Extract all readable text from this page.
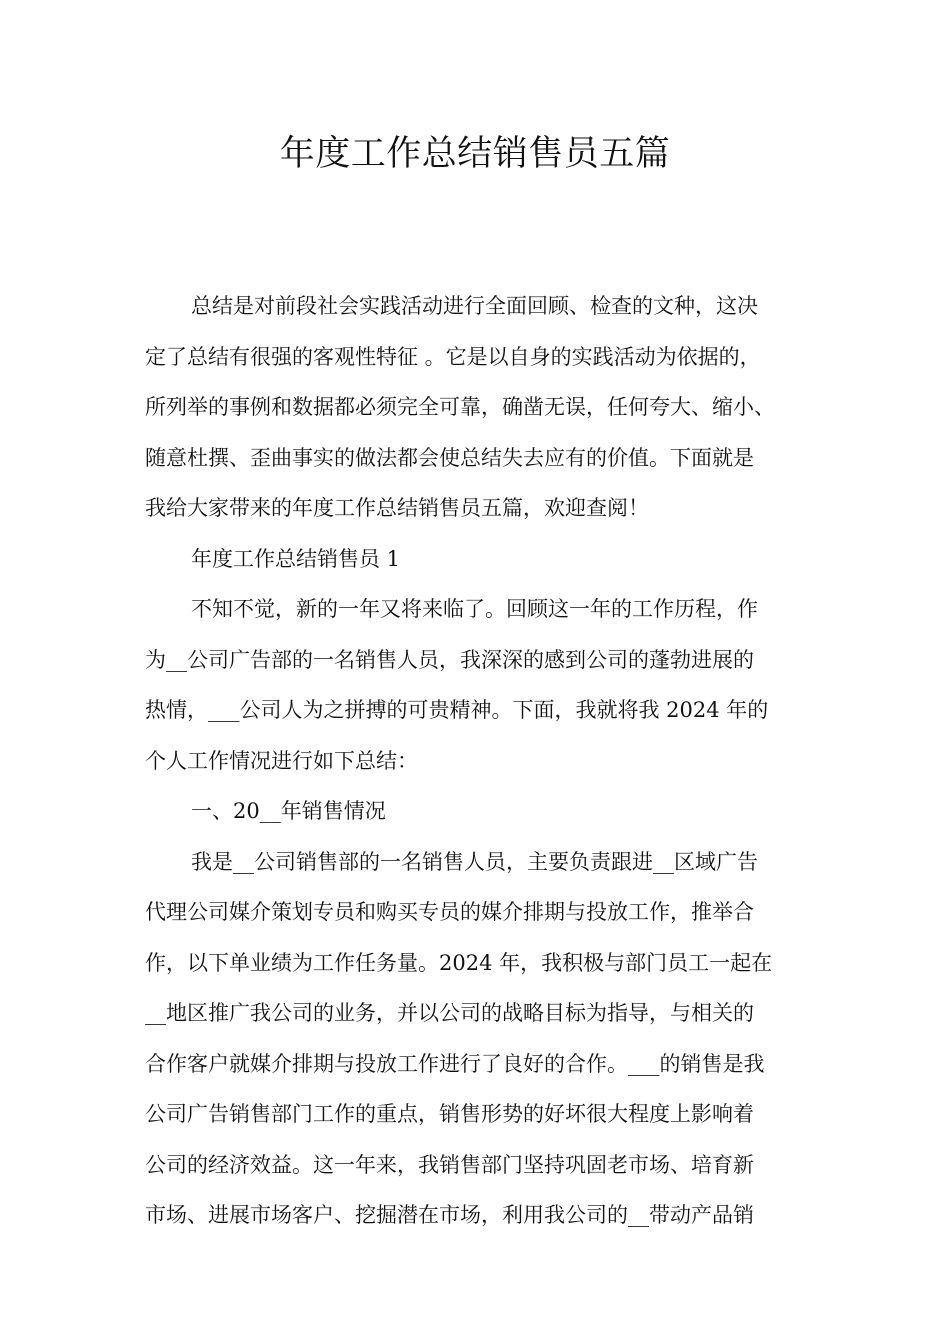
年度工作总结销售员五篇
总结是对前段社会实践活动进行全面回顾、检查的文种，这决
定了总结有很强的客观性特征 。它是以自身的实践活动为依据的，
所列举的事例和数据都必须完全可靠，确凿无误，任何夸大、缩小、
随意杜撰、歪曲事实的做法都会使总结失去应有的价值。下面就是
我给大家带来的年度工作总结销售员五篇，欢迎查阅！
年度工作总结销售员 1
不知不觉，新的一年又将来临了。回顾这一年的工作历程，作
为__公司广告部的一名销售人员，我深深的感到公司的蓬勃进展的
热情，___公司人为之拼搏的可贵精神。下面，我就将我 2024 年的
个人工作情况进行如下总结：
一、20__年销售情况
我是__公司销售部的一名销售人员，主要负责跟进__区域广告
代理公司媒介策划专员和购买专员的媒介排期与投放工作，推举合
作，以下单业绩为工作任务量。2024 年，我积极与部门员工一起在
__地区推广我公司的业务，并以公司的战略目标为指导，与相关的
合作客户就媒介排期与投放工作进行了良好的合作。___的销售是我
公司广告销售部门工作的重点，销售形势的好坏很大程度上影响着
公司的经济效益。这一年来，我销售部门坚持巩固老市场、培育新
市场、进展市场客户、挖掘潜在市场，利用我公司的__带动产品销
